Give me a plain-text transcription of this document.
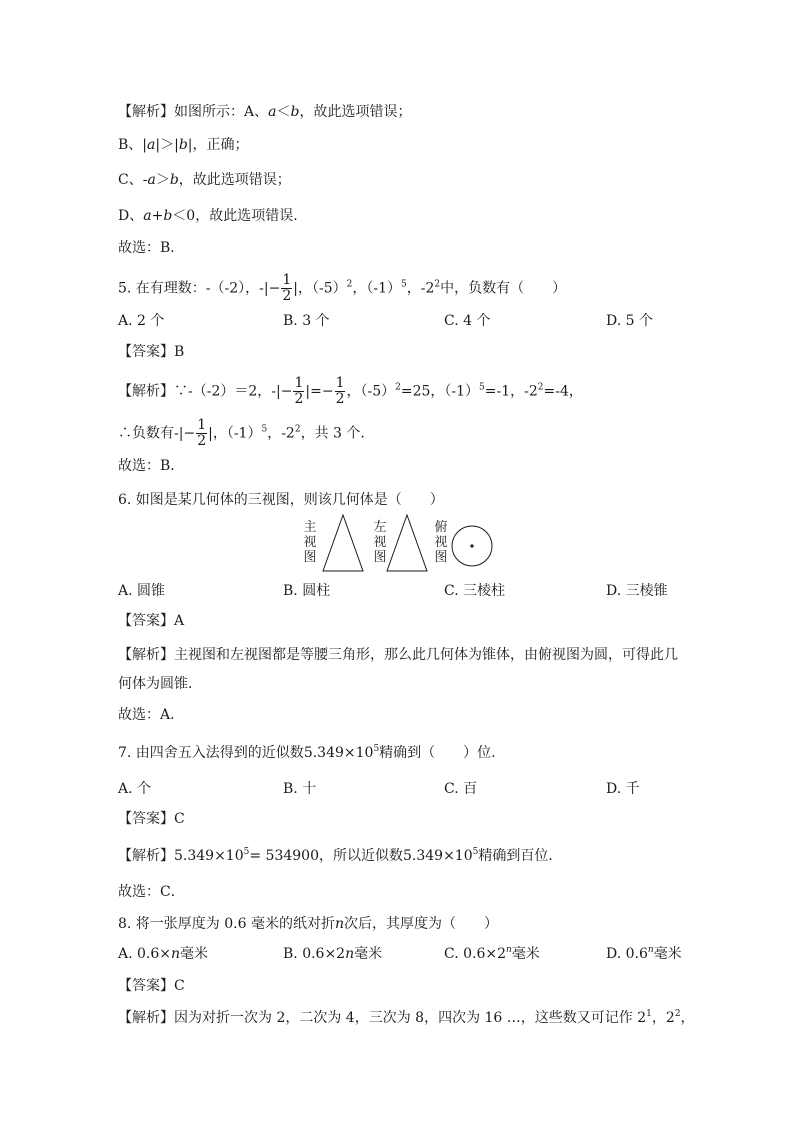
【解析】如图所示：A、a＜b，故此选项错误；
B、|a|＞|b|，正确；
C、-a＞b，故此选项错误；
D、a+b＜0，故此选项错误.
故选：B．
5. 在有理数：-（-2），-|− $\frac{1}{2}$ |，$(-5)^2$，$(-1)^5$，$-2^2$中，负数有（　　）
A. 2 个	B. 3 个	C. 4 个	D. 5 个
【答案】B
【解析】∵-（-2）＝2，-|− $\frac{1}{2}$ |=− $\frac{1}{2}$ ，$(-5)^2=25$，$(-1)^5=-1$，$-2^2=-4$，
∴负数有-|− $\frac{1}{2}$ |，$(-1)^5$，$-2^2$，共 3 个.
故选：B．
6. 如图是某几何体的三视图，则该几何体是（　　）
主
视
图
左
视
图
俯
视
图
A. 圆锥	B. 圆柱	C. 三棱柱	D. 三棱锥
【答案】A
【解析】主视图和左视图都是等腰三角形，那么此几何体为锥体，由俯视图为圆，可得此几
何体为圆锥．
故选：A．
7. 由四舍五入法得到的近似数$5.349\times 10^5$精确到（　　）位.
A. 个	B. 十	C. 百	D. 千
【答案】C
【解析】$5.349\times 10^5= 534900$，所以近似数$5.349\times 10^5$精确到百位．
故选：C．
8. 将一张厚度为 0.6 毫米的纸对折n次后，其厚度为（　　）
A. 0.6×n毫米	B. 0.6×2n毫米	C. $0.6\times 2^n$毫米	D. 0.6$^n$毫米
【答案】C
【解析】因为对折一次为 2，二次为 4，三次为 8，四次为 16 …，这些数又可记作 $2^1$，$2^2$，
